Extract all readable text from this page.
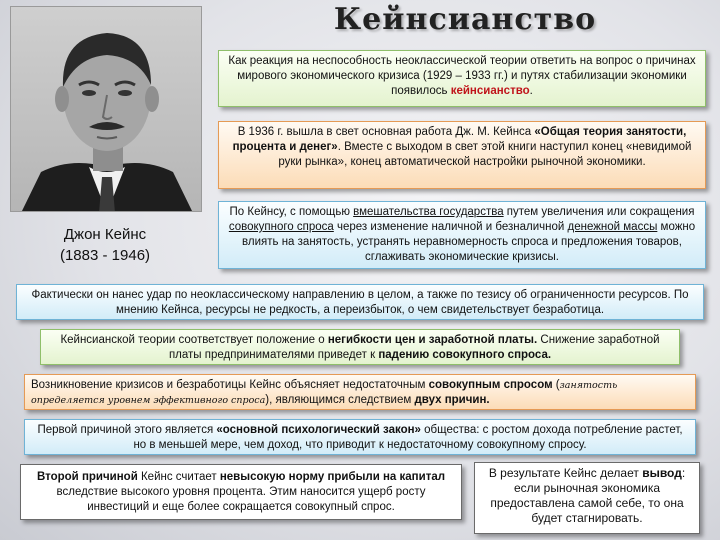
Кейнсианство
Джон Кейнс
(1883 - 1946)
Как реакция на неспособность неоклассической теории ответить на вопрос о причинах мирового экономического кризиса (1929 – 1933 гг.) и путях стабилизации экономики появилось кейнсианство.
В 1936 г. вышла в свет основная работа Дж. М. Кейнса «Общая теория занятости, процента и денег». Вместе с выходом в свет этой книги наступил конец «невидимой руки рынка», конец автоматической настройки рыночной экономики.
По Кейнсу, с помощью вмешательства государства путем увеличения или сокращения совокупного спроса через изменение наличной и безналичной денежной массы можно влиять на занятость, устранять неравномерность спроса и предложения товаров, сглаживать экономические кризисы.
Фактически он нанес удар по неоклассическому направлению в целом, а также по тезису об ограниченности ресурсов. По мнению Кейнса, ресурсы не редкость, а переизбыток, о чем свидетельствует безработица.
Кейнсианской теории соответствует положение о негибкости цен и заработной платы. Снижение заработной платы предпринимателями приведет к падению совокупного спроса.
Возникновение кризисов и безработицы Кейнс объясняет недостаточным совокупным спросом (занятость определяется уровнем эффективного спроса), являющимся следствием двух причин.
Первой причиной этого является «основной психологический закон» общества: с ростом дохода потребление растет, но в меньшей мере, чем доход, что приводит к недостаточному совокупному спросу.
Второй причиной Кейнс считает невысокую норму прибыли на капитал вследствие высокого уровня процента. Этим наносится ущерб росту инвестиций и еще более сокращается совокупный спрос.
В результате Кейнс делает вывод: если рыночная экономика предоставлена самой себе, то она будет стагнировать.
